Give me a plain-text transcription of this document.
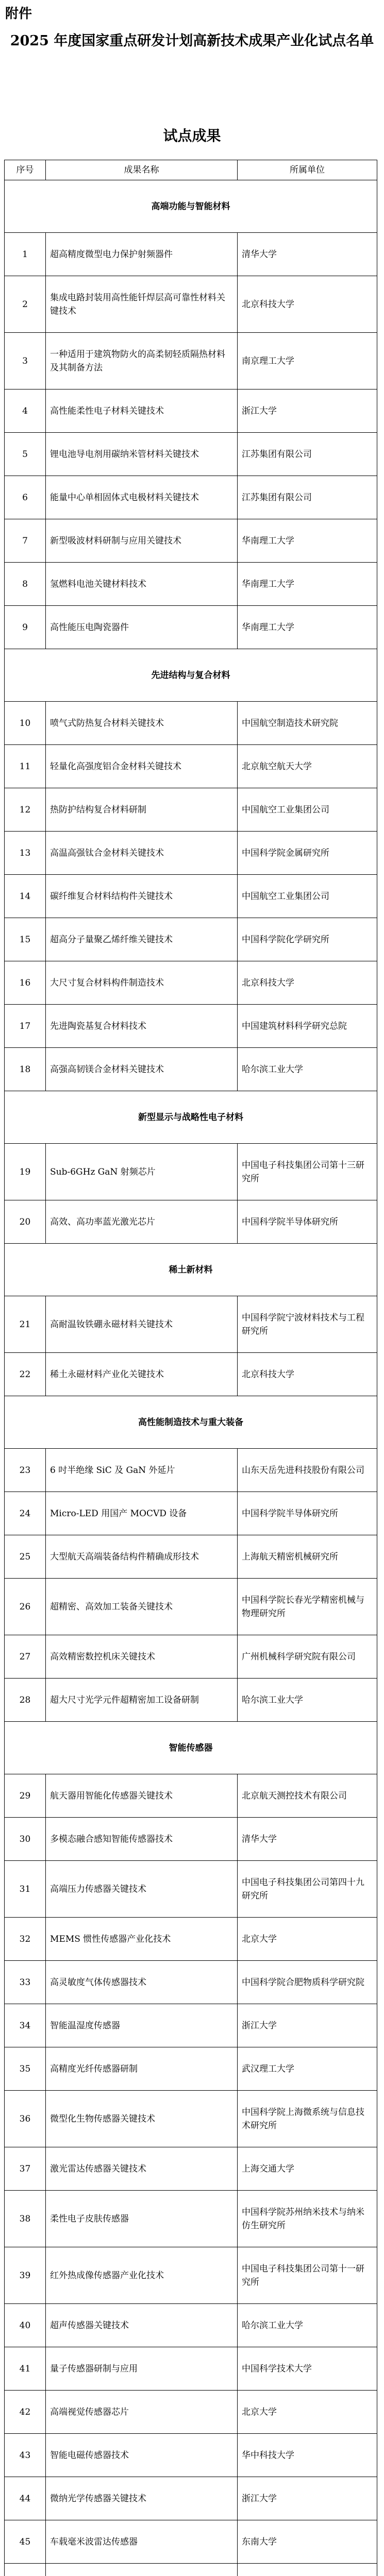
附件
2025 年度国家重点研发计划高新技术成果产业化试点名单
试点成果
序号	成果名称	所属单位
高端功能与智能材料		
1	超高精度微型电力保护射频器件	清华大学
2	集成电路封装用高性能钎焊层高可靠性材料关键技术	北京科技大学
3	一种适用于建筑物防火的高柔韧轻质隔热材料及其制备方法	南京理工大学
4	高性能柔性电子材料关键技术	浙江大学
5	锂电池导电剂用碳纳米管材料关键技术	江苏集团有限公司
6	能量中心单相固体式电极材料关键技术	江苏集团有限公司
7	新型吸波材料研制与应用关键技术	华南理工大学
8	氢燃料电池关键材料技术	华南理工大学
9	高性能压电陶瓷器件	华南理工大学
先进结构与复合材料		
10	喷气式防热复合材料关键技术	中国航空制造技术研究院
11	轻量化高强度铝合金材料关键技术	北京航空航天大学
12	热防护结构复合材料研制	中国航空工业集团公司
13	高温高强钛合金材料关键技术	中国科学院金属研究所
14	碳纤维复合材料结构件关键技术	中国航空工业集团公司
15	超高分子量聚乙烯纤维关键技术	中国科学院化学研究所
16	大尺寸复合材料构件制造技术	北京科技大学
17	先进陶瓷基复合材料技术	中国建筑材料科学研究总院
18	高强高韧镁合金材料关键技术	哈尔滨工业大学
新型显示与战略性电子材料		
19	Sub-6GHz GaN 射频芯片	中国电子科技集团公司第十三研究所
20	高效、高功率蓝光激光芯片	中国科学院半导体研究所
稀土新材料		
21	高耐温钕铁硼永磁材料关键技术	中国科学院宁波材料技术与工程研究所
22	稀土永磁材料产业化关键技术	北京科技大学
高性能制造技术与重大装备		
23	6 吋半绝缘 SiC 及 GaN 外延片	山东天岳先进科技股份有限公司
24	Micro-LED 用国产 MOCVD 设备	中国科学院半导体研究所
25	大型航天高端装备结构件精确成形技术	上海航天精密机械研究所
26	超精密、高效加工装备关键技术	中国科学院长春光学精密机械与物理研究所
27	高效精密数控机床关键技术	广州机械科学研究院有限公司
28	超大尺寸光学元件超精密加工设备研制	哈尔滨工业大学
智能传感器		
29	航天器用智能化传感器关键技术	北京航天测控技术有限公司
30	多模态融合感知智能传感器技术	清华大学
31	高端压力传感器关键技术	中国电子科技集团公司第四十九研究所
32	MEMS 惯性传感器产业化技术	北京大学
33	高灵敏度气体传感器技术	中国科学院合肥物质科学研究院
34	智能温湿度传感器	浙江大学
35	高精度光纤传感器研制	武汉理工大学
36	微型化生物传感器关键技术	中国科学院上海微系统与信息技术研究所
37	激光雷达传感器关键技术	上海交通大学
38	柔性电子皮肤传感器	中国科学院苏州纳米技术与纳米仿生研究所
39	红外热成像传感器产业化技术	中国电子科技集团公司第十一研究所
40	超声传感器关键技术	哈尔滨工业大学
41	量子传感器研制与应用	中国科学技术大学
42	高端视觉传感器芯片	北京大学
43	智能电磁传感器技术	华中科技大学
44	微纳光学传感器关键技术	浙江大学
45	车载毫米波雷达传感器	东南大学
